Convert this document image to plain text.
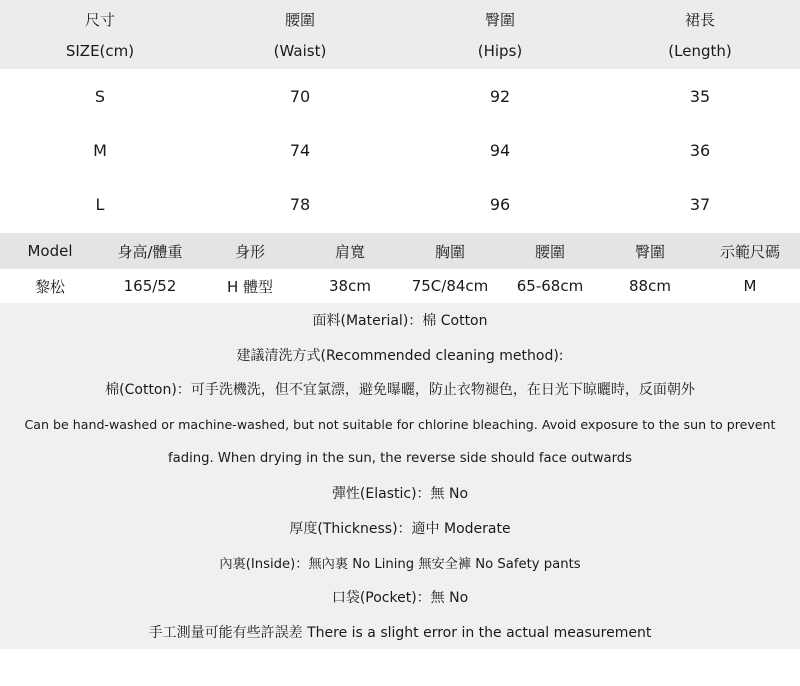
尺寸	腰圍	臀圍	裙長
SIZE(cm)	(Waist)	(Hips)	(Length)
S	70	92	35
M	74	94	36
L	78	96	37
Model	身高/體重	身形	肩寬	胸圍	腰圍	臀圍	示範尺碼
黎松	165/52	H 體型	38cm	75C/84cm	65-68cm	88cm	M
面料(Material)：棉 Cotton
建議清洗方式(Recommended cleaning method):
棉(Cotton)：可手洗機洗，但不宜氯漂，避免曝曬，防止衣物褪色，在日光下晾曬時，反面朝外
Can be hand-washed or machine-washed, but not suitable for chlorine bleaching. Avoid exposure to the sun to prevent
fading. When drying in the sun, the reverse side should face outwards
彈性(Elastic)：無 No
厚度(Thickness)：適中 Moderate
內裏(Inside)：無內裏 No Lining 無安全褲 No Safety pants
口袋(Pocket)：無 No
手工測量可能有些許誤差 There is a slight error in the actual measurement
